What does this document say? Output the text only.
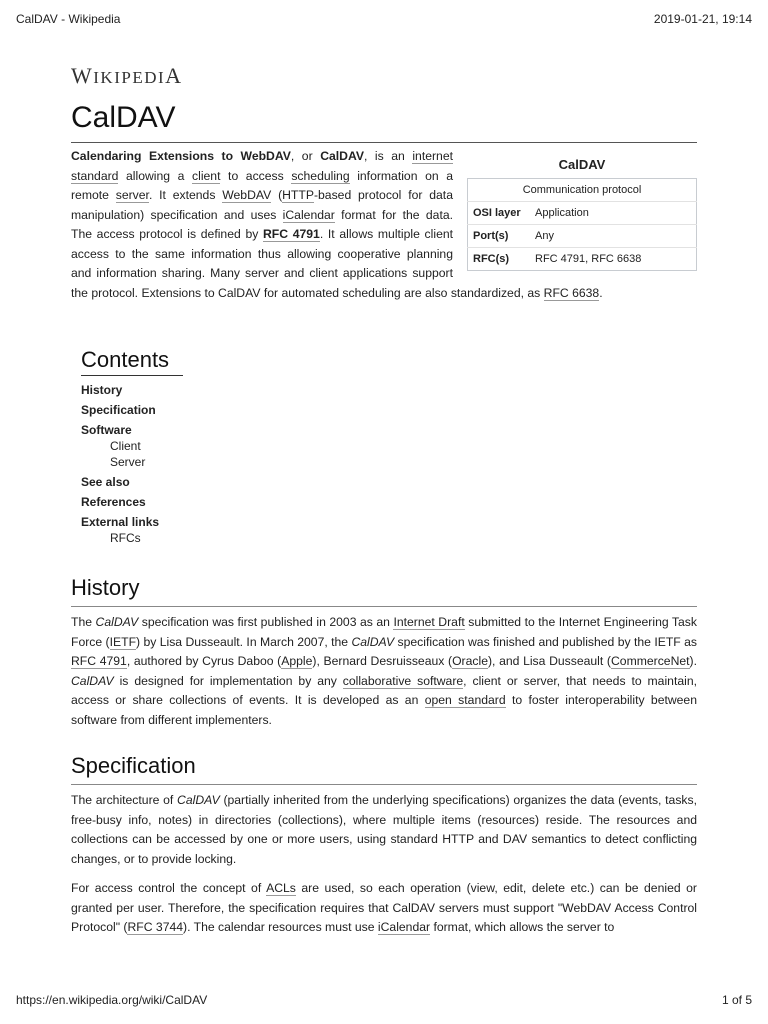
CalDAV - Wikipedia	2019-01-21, 19:14
WIKIPEDIA
CalDAV
CalDAV
Communication protocol	
OSI layer	Application
Port(s)	Any
RFC(s)	RFC 4791, RFC 6638

Calendaring Extensions to WebDAV, or CalDAV, is an internet standard allowing a client to access scheduling information on a remote server. It extends WebDAV (HTTP-based protocol for data manipulation) specification and uses iCalendar format for the data. The access protocol is defined by RFC 4791. It allows multiple client access to the same information thus allowing cooperative planning and information sharing. Many server and client applications support the protocol. Extensions to CalDAV for automated scheduling are also standardized, as RFC 6638.

Contents
History
Specification
Software
Client
Server
See also
References
External links
RFCs
History

The CalDAV specification was first published in 2003 as an Internet Draft submitted to the Internet Engineering Task Force (IETF) by Lisa Dusseault. In March 2007, the CalDAV specification was finished and published by the IETF as RFC 4791, authored by Cyrus Daboo (Apple), Bernard Desruisseaux (Oracle), and Lisa Dusseault (CommerceNet). CalDAV is designed for implementation by any collaborative software, client or server, that needs to maintain, access or share collections of events. It is developed as an open standard to foster interoperability between software from different implementers.

Specification

The architecture of CalDAV (partially inherited from the underlying specifications) organizes the data (events, tasks, free-busy info, notes) in directories (collections), where multiple items (resources) reside. The resources and collections can be accessed by one or more users, using standard HTTP and DAV semantics to detect conflicting changes, or to provide locking.

For access control the concept of ACLs are used, so each operation (view, edit, delete etc.) can be denied or granted per user. Therefore, the specification requires that CalDAV servers must support "WebDAV Access Control Protocol" (RFC 3744). The calendar resources must use iCalendar format, which allows the server to

https://en.wikipedia.org/wiki/CalDAV	1 of 5
